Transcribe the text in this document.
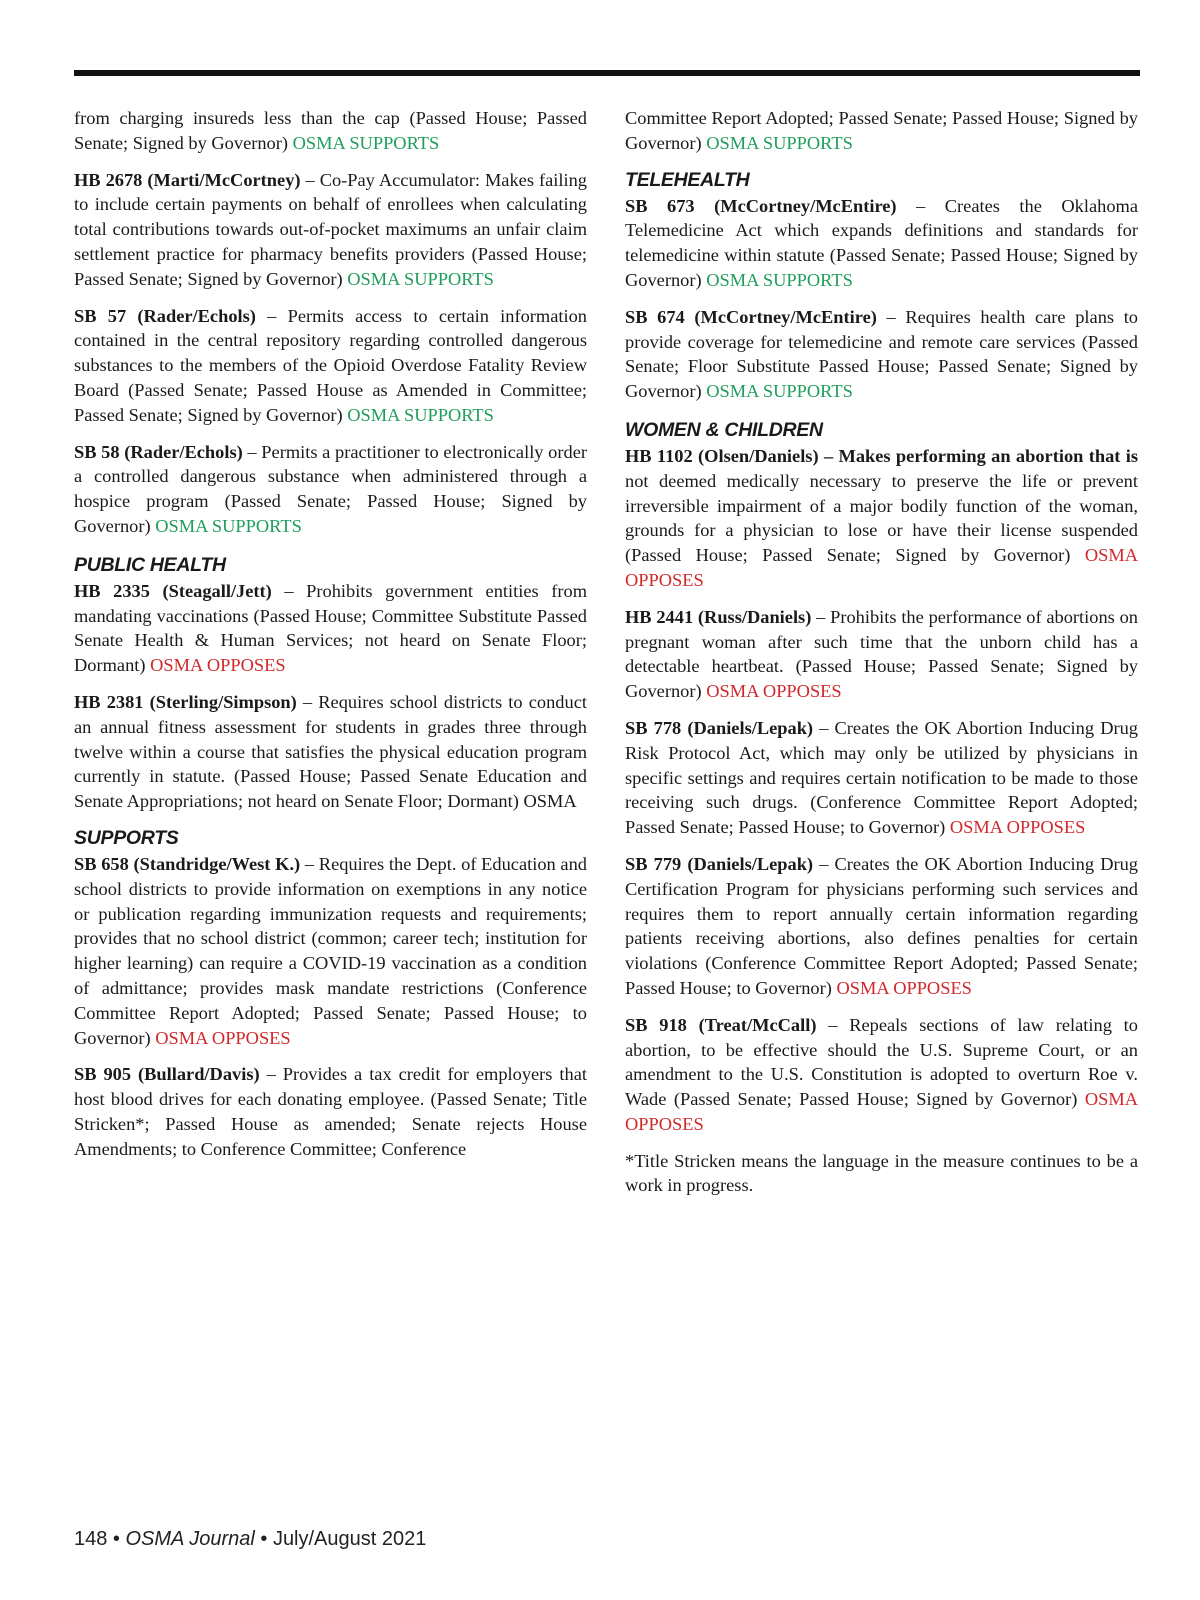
from charging insureds less than the cap (Passed House; Passed Senate; Signed by Governor) OSMA SUPPORTS
HB 2678 (Marti/McCortney) – Co-Pay Accumulator: Makes failing to include certain payments on behalf of enrollees when calculating total contributions towards out-of-pocket maximums an unfair claim settlement practice for pharmacy benefits providers (Passed House; Passed Senate; Signed by Governor) OSMA SUPPORTS
SB 57 (Rader/Echols) – Permits access to certain information contained in the central repository regarding controlled dangerous substances to the members of the Opioid Overdose Fatality Review Board (Passed Senate; Passed House as Amended in Committee; Passed Senate; Signed by Governor) OSMA SUPPORTS
SB 58 (Rader/Echols) – Permits a practitioner to electronically order a controlled dangerous substance when administered through a hospice program (Passed Senate; Passed House; Signed by Governor) OSMA SUPPORTS
PUBLIC HEALTH
HB 2335 (Steagall/Jett) – Prohibits government entities from mandating vaccinations (Passed House; Committee Substitute Passed Senate Health & Human Services; not heard on Senate Floor; Dormant) OSMA OPPOSES
HB 2381 (Sterling/Simpson) – Requires school districts to conduct an annual fitness assessment for students in grades three through twelve within a course that satisfies the physical education program currently in statute. (Passed House; Passed Senate Education and Senate Appropriations; not heard on Senate Floor; Dormant) OSMA
SUPPORTS
SB 658 (Standridge/West K.) – Requires the Dept. of Education and school districts to provide information on exemptions in any notice or publication regarding immunization requests and requirements; provides that no school district (common; career tech; institution for higher learning) can require a COVID-19 vaccination as a condition of admittance; provides mask mandate restrictions (Conference Committee Report Adopted; Passed Senate; Passed House; to Governor) OSMA OPPOSES
SB 905 (Bullard/Davis) – Provides a tax credit for employers that host blood drives for each donating employee. (Passed Senate; Title Stricken*; Passed House as amended; Senate rejects House Amendments; to Conference Committee; Conference
Committee Report Adopted; Passed Senate; Passed House; Signed by Governor) OSMA SUPPORTS
TELEHEALTH
SB 673 (McCortney/McEntire) – Creates the Oklahoma Telemedicine Act which expands definitions and standards for telemedicine within statute (Passed Senate; Passed House; Signed by Governor) OSMA SUPPORTS
SB 674 (McCortney/McEntire) – Requires health care plans to provide coverage for telemedicine and remote care services (Passed Senate; Floor Substitute Passed House; Passed Senate; Signed by Governor) OSMA SUPPORTS
WOMEN & CHILDREN
HB 1102 (Olsen/Daniels) – Makes performing an abortion that is not deemed medically necessary to preserve the life or prevent irreversible impairment of a major bodily function of the woman, grounds for a physician to lose or have their license suspended (Passed House; Passed Senate; Signed by Governor) OSMA OPPOSES
HB 2441 (Russ/Daniels) – Prohibits the performance of abortions on pregnant woman after such time that the unborn child has a detectable heartbeat. (Passed House; Passed Senate; Signed by Governor) OSMA OPPOSES
SB 778 (Daniels/Lepak) – Creates the OK Abortion Inducing Drug Risk Protocol Act, which may only be utilized by physicians in specific settings and requires certain notification to be made to those receiving such drugs. (Conference Committee Report Adopted; Passed Senate; Passed House; to Governor) OSMA OPPOSES
SB 779 (Daniels/Lepak) – Creates the OK Abortion Inducing Drug Certification Program for physicians performing such services and requires them to report annually certain information regarding patients receiving abortions, also defines penalties for certain violations (Conference Committee Report Adopted; Passed Senate; Passed House; to Governor) OSMA OPPOSES
SB 918 (Treat/McCall) – Repeals sections of law relating to abortion, to be effective should the U.S. Supreme Court, or an amendment to the U.S. Constitution is adopted to overturn Roe v. Wade (Passed Senate; Passed House; Signed by Governor) OSMA OPPOSES
*Title Stricken means the language in the measure continues to be a work in progress.
148 • OSMA Journal • July/August 2021
